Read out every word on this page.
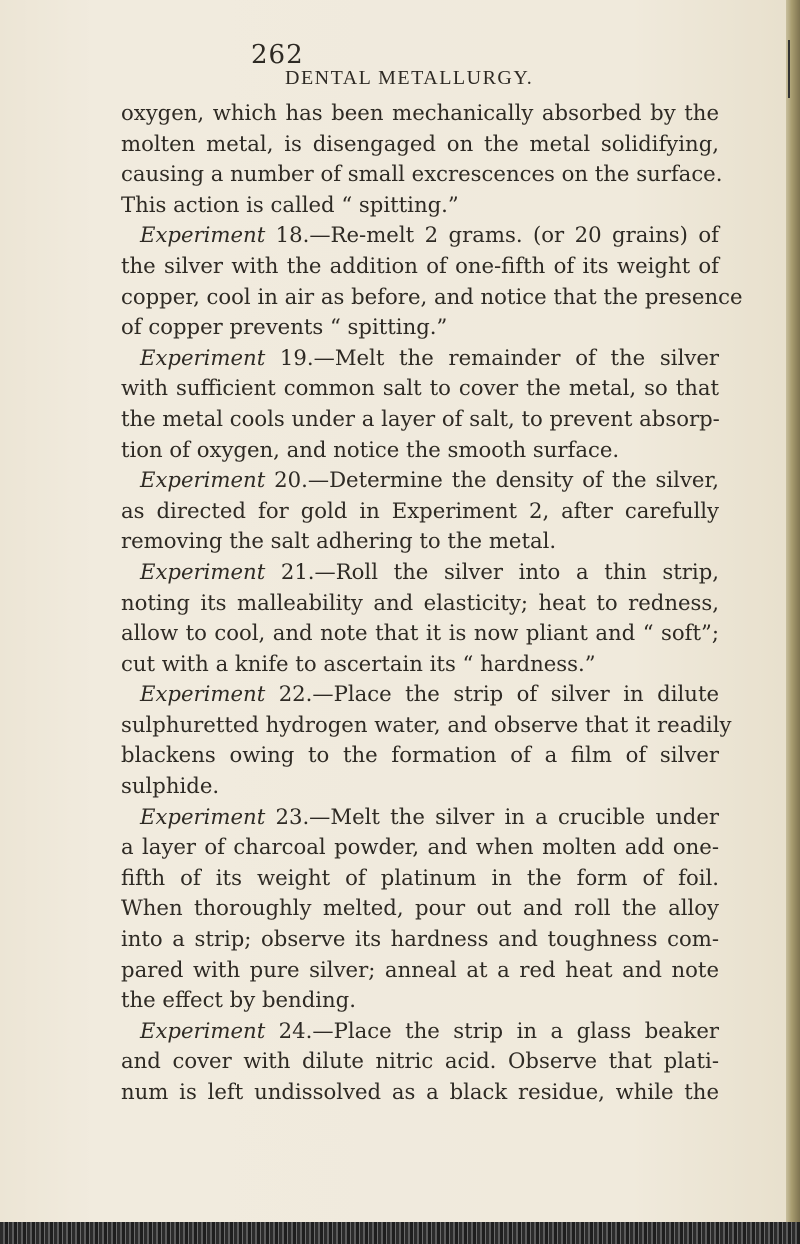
262
DENTAL METALLURGY.
oxygen, which has been mechanically absorbed by the
molten metal, is disengaged on the metal solidifying,
causing a number of small excrescences on the surface.
This action is called “ spitting.”
Experiment 18.—Re-melt 2 grams. (or 20 grains) of
the silver with the addition of one-fifth of its weight of
copper, cool in air as before, and notice that the presence
of copper prevents “ spitting.”
Experiment 19.—Melt the remainder of the silver
with sufficient common salt to cover the metal, so that
the metal cools under a layer of salt, to prevent absorp-
tion of oxygen, and notice the smooth surface.
Experiment 20.—Determine the density of the silver,
as directed for gold in Experiment 2, after carefully
removing the salt adhering to the metal.
Experiment 21.—Roll the silver into a thin strip,
noting its malleability and elasticity; heat to redness,
allow to cool, and note that it is now pliant and “ soft”;
cut with a knife to ascertain its “ hardness.”
Experiment 22.—Place the strip of silver in dilute
sulphuretted hydrogen water, and observe that it readily
blackens owing to the formation of a film of silver
sulphide.
Experiment 23.—Melt the silver in a crucible under
a layer of charcoal powder, and when molten add one-
fifth of its weight of platinum in the form of foil.
When thoroughly melted, pour out and roll the alloy
into a strip; observe its hardness and toughness com-
pared with pure silver; anneal at a red heat and note
the effect by bending.
Experiment 24.—Place the strip in a glass beaker
and cover with dilute nitric acid. Observe that plati-
num is left undissolved as a black residue, while the
